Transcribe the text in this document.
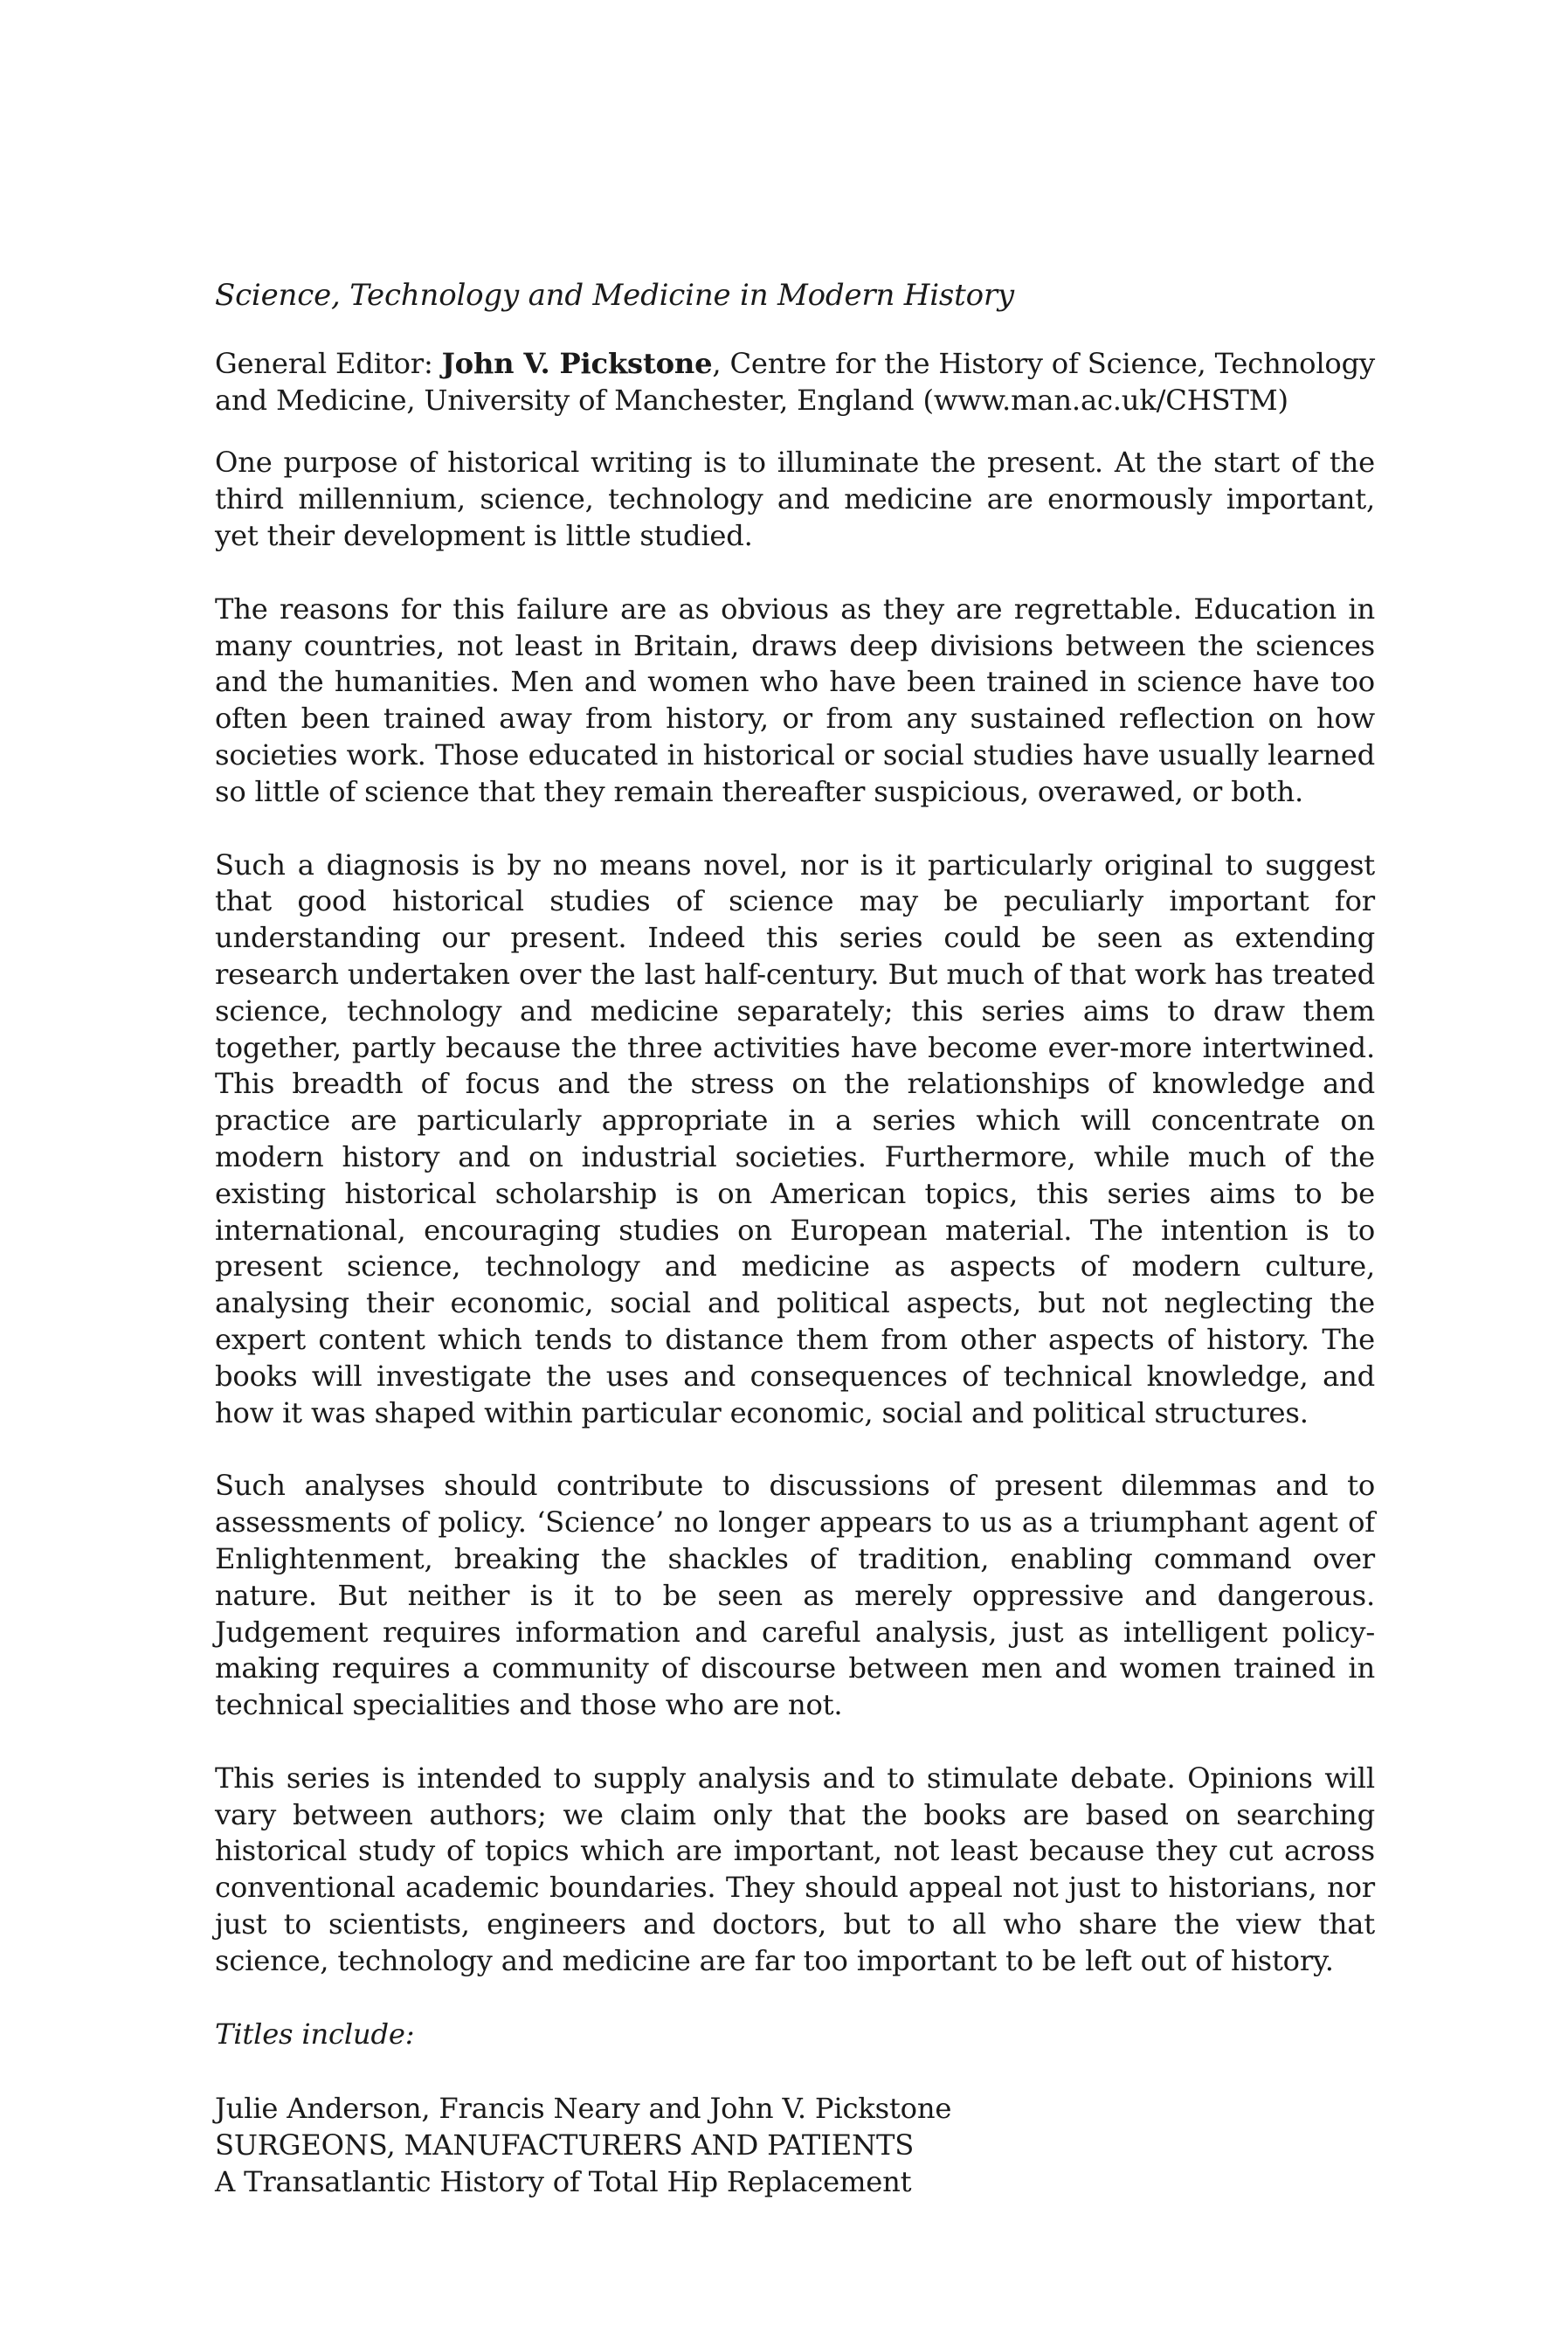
Science, Technology and Medicine in Modern History
General Editor: John V. Pickstone, Centre for the History of Science, Technology and Medicine, University of Manchester, England (www.man.ac.uk/CHSTM)
One purpose of historical writing is to illuminate the present. At the start of the third millennium, science, technology and medicine are enormously important, yet their development is little studied.
The reasons for this failure are as obvious as they are regrettable. Education in many countries, not least in Britain, draws deep divisions between the sciences and the humanities. Men and women who have been trained in science have too often been trained away from history, or from any sustained reflection on how societies work. Those educated in historical or social studies have usually learned so little of science that they remain thereafter suspicious, overawed, or both.
Such a diagnosis is by no means novel, nor is it particularly original to suggest that good historical studies of science may be peculiarly important for understanding our present. Indeed this series could be seen as extending research undertaken over the last half-century. But much of that work has treated science, technology and medicine separately; this series aims to draw them together, partly because the three activities have become ever-more intertwined. This breadth of focus and the stress on the relationships of knowledge and practice are particularly appropriate in a series which will concentrate on modern history and on industrial societies. Furthermore, while much of the existing historical scholarship is on American topics, this series aims to be international, encouraging studies on European material. The intention is to present science, technology and medicine as aspects of modern culture, analysing their economic, social and political aspects, but not neglecting the expert content which tends to distance them from other aspects of history. The books will investigate the uses and consequences of technical knowledge, and how it was shaped within particular economic, social and political structures.
Such analyses should contribute to discussions of present dilemmas and to assessments of policy. ‘Science’ no longer appears to us as a triumphant agent of Enlightenment, breaking the shackles of tradition, enabling command over nature. But neither is it to be seen as merely oppressive and dangerous. Judgement requires information and careful analysis, just as intelligent policy-making requires a community of discourse between men and women trained in technical specialities and those who are not.
This series is intended to supply analysis and to stimulate debate. Opinions will vary between authors; we claim only that the books are based on searching historical study of topics which are important, not least because they cut across conventional academic boundaries. They should appeal not just to historians, nor just to scientists, engineers and doctors, but to all who share the view that science, technology and medicine are far too important to be left out of history.
Titles include:
Julie Anderson, Francis Neary and John V. Pickstone
SURGEONS, MANUFACTURERS AND PATIENTS
A Transatlantic History of Total Hip Replacement
